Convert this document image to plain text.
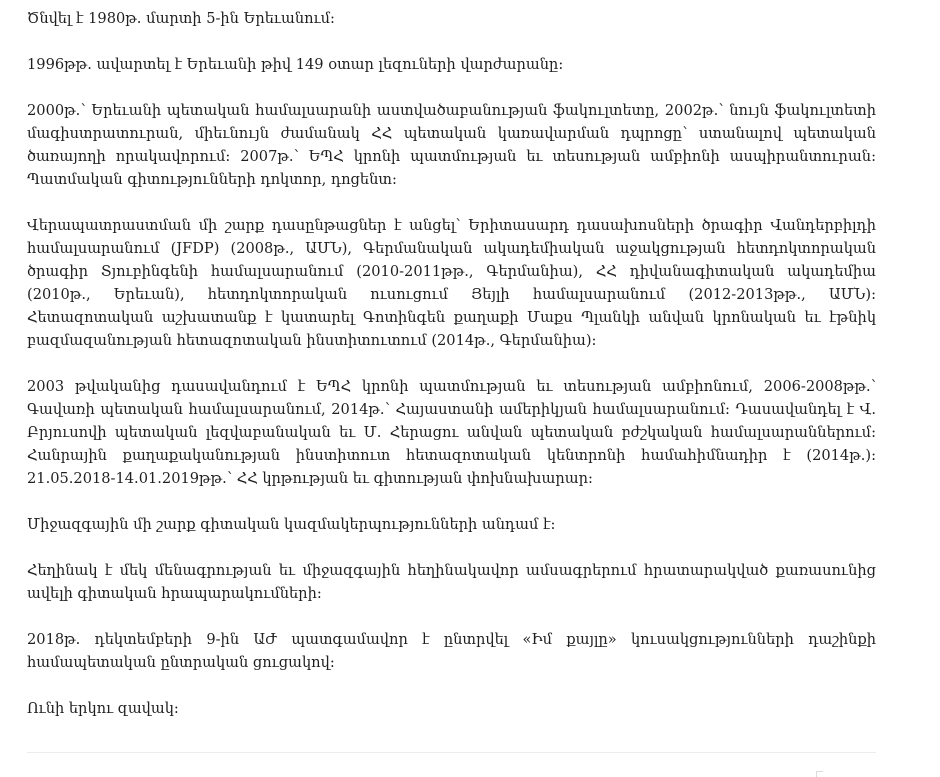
Ծնվել է 1980թ. մարտի 5-ին Երեւանում:

1996թթ. ավարտել է Երեւանի թիվ 149 օտար լեզուների վարժարանը:

2000թ.՝ Երեւանի պետական համալսարանի աստվածաբանության ֆակուլտետը, 2002թ.՝ նույն ֆակուլտետի մագիստրատուրան, միեւնույն ժամանակ ՀՀ պետական կառավարման դպրոցը՝ ստանալով պետական ծառայողի որակավորում: 2007թ.՝ ԵՊՀ կրոնի պատմության եւ տեսության ամբիոնի ասպիրանտուրան: Պատմական գիտությունների դոկտոր, դոցենտ:

Վերապատրաստման մի շարք դասընթացներ է անցել՝ Երիտասարդ դասախոսների ծրագիր Վանդերբիլդի համալսարանում (JFDP) (2008թ., ԱՄՆ), Գերմանական ակադեմիական աջակցության հետդոկտորական ծրագիր Տյուբինգենի համալսարանում (2010-2011թթ., Գերմանիա), ՀՀ դիվանագիտական ակադեմիա (2010թ., Երեւան), հետդոկտորական ուսուցում Յեյլի համալսարանում (2012-2013թթ., ԱՄՆ): Հետազոտական աշխատանք է կատարել Գոտինգեն քաղաքի Մաքս Պլանկի անվան կրոնական եւ էթնիկ բազմազանության հետազոտական ինստիտուտում (2014թ., Գերմանիա):

2003 թվականից դասավանդում է ԵՊՀ կրոնի պատմության եւ տեսության ամբիոնում, 2006-2008թթ.՝ Գավառի պետական համալսարանում, 2014թ.՝ Հայաստանի ամերիկյան համալսարանում: Դասավանդել է Վ. Բրյուսովի պետական լեզվաբանական եւ Մ. Հերացու անվան պետական բժշկական համալսարաններում: Հանրային քաղաքականության ինստիտուտ հետազոտական կենտրոնի համահիմնադիր է (2014թ.): 21.05.2018-14.01.2019թթ.՝ ՀՀ կրթության եւ գիտության փոխնախարար:

Միջազգային մի շարք գիտական կազմակերպությունների անդամ է:

Հեղինակ է մեկ մենագրության եւ միջազգային հեղինակավոր ամսագրերում հրատարակված քառասունից ավելի գիտական հրապարակումների:

2018թ. դեկտեմբերի 9-ին ԱԺ պատգամավոր է ընտրվել «Իմ քայլը» կուսակցությունների դաշինքի համապետական ընտրական ցուցակով:

Ունի երկու զավակ:
